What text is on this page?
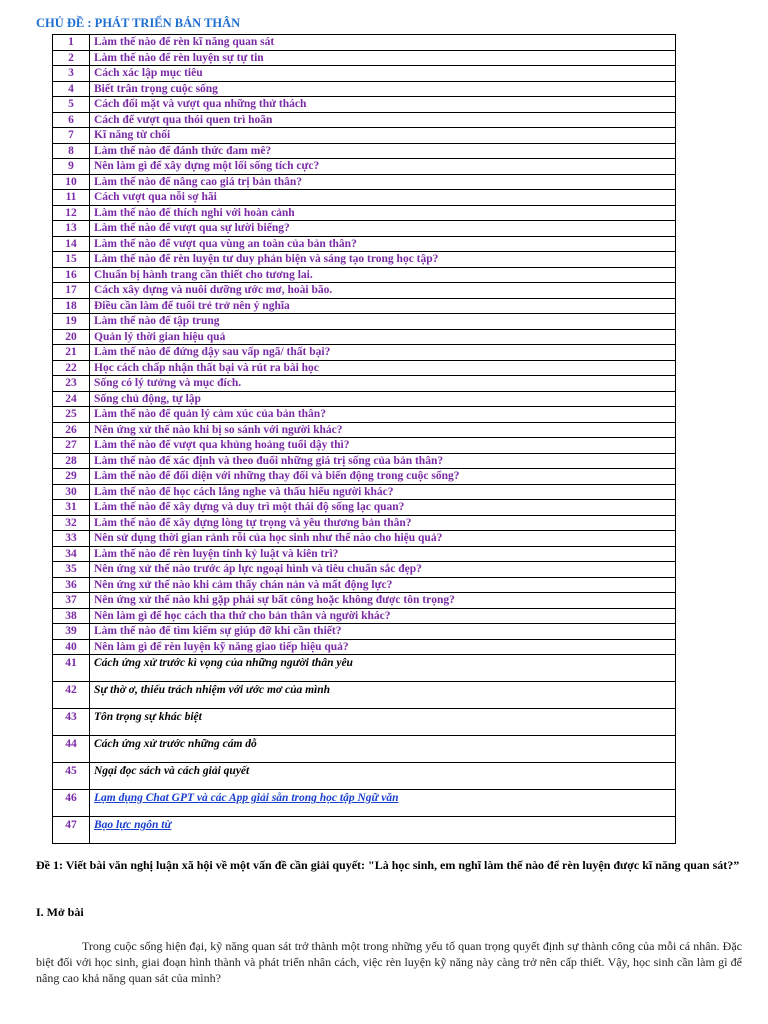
CHỦ ĐỀ : PHÁT TRIỂN BẢN THÂN
1	Làm thế nào để rèn kĩ năng quan sát
2	Làm thế nào để rèn luyện sự tự tin
3	Cách xác lập mục tiêu
4	Biết trân trọng cuộc sống
5	Cách đối mặt và vượt qua những thử thách
6	Cách để vượt qua thói quen trì hoãn
7	Kĩ năng từ chối
8	Làm thế nào để đánh thức đam mê?
9	Nên làm gì để xây dựng một lối sống tích cực?
10	Làm thế nào để nâng cao giá trị bản thân?
11	Cách vượt qua nỗi sợ hãi
12	Làm thế nào để thích nghi với hoàn cảnh
13	Làm thế nào để vượt qua sự lười biếng?
14	Làm thế nào để vượt qua vùng an toàn của bản thân?
15	Làm thế nào để rèn luyện tư duy phản biện và sáng tạo trong học tập?
16	Chuẩn bị hành trang cần thiết cho tương lai.
17	Cách xây dựng và nuôi dưỡng ước mơ, hoài bão.
18	Điều cần làm để tuổi trẻ trở nên ý nghĩa
19	Làm thế nào để tập trung
20	Quản lý thời gian hiệu quả
21	Làm thế nào để đứng dậy sau vấp ngã/ thất bại?
22	Học cách chấp nhận thất bại và rút ra bài học
23	Sống có lý tưởng và mục đích.
24	Sống chủ động, tự lập
25	Làm thế nào để quản lý cảm xúc của bản thân?
26	Nên ứng xử thế nào khi bị so sánh với người khác?
27	Làm thế nào để vượt qua khủng hoảng tuổi dậy thì?
28	Làm thế nào để xác định và theo đuổi những giá trị sống của bản thân?
29	Làm thế nào để đối diện với những thay đổi và biến động trong cuộc sống?
30	Làm thế nào để học cách lắng nghe và thấu hiểu người khác?
31	Làm thế nào để xây dựng và duy trì một thái độ sống lạc quan?
32	Làm thế nào để xây dựng lòng tự trọng và yêu thương bản thân?
33	Nên sử dụng thời gian rảnh rỗi của học sinh như thế nào cho hiệu quả?
34	Làm thế nào để rèn luyện tính kỷ luật và kiên trì?
35	Nên ứng xử thế nào trước áp lực ngoại hình và tiêu chuẩn sắc đẹp?
36	Nên ứng xử thế nào khi cảm thấy chán nản và mất động lực?
37	Nên ứng xử thế nào khi gặp phải sự bất công hoặc không được tôn trọng?
38	Nên làm gì để học cách tha thứ cho bản thân và người khác?
39	Làm thế nào để tìm kiếm sự giúp đỡ khi cần thiết?
40	Nên làm gì để rèn luyện kỹ năng giao tiếp hiệu quả?
41	Cách ứng xử trước kì vọng của những người thân yêu
42	Sự thờ ơ, thiếu trách nhiệm với ước mơ của mình
43	Tôn trọng sự khác biệt
44	Cách ứng xử trước những cám dỗ
45	Ngại đọc sách và cách giải quyết
46	Lạm dụng Chat GPT và các App giải sẵn trong học tập Ngữ văn
47	Bạo lực ngôn từ
Đề 1: Viết bài văn nghị luận xã hội về một vấn đề cần giải quyết: "Là học sinh, em nghĩ làm thế nào để rèn luyện được kĩ năng quan sát?”
I. Mở bài
Trong cuộc sống hiện đại, kỹ năng quan sát trở thành một trong những yếu tố quan trọng quyết định sự thành công của mỗi cá nhân. Đặc biệt đối với học sinh, giai đoạn hình thành và phát triển nhân cách, việc rèn luyện kỹ năng này càng trở nên cấp thiết. Vậy, học sinh cần làm gì để nâng cao khả năng quan sát của mình?
